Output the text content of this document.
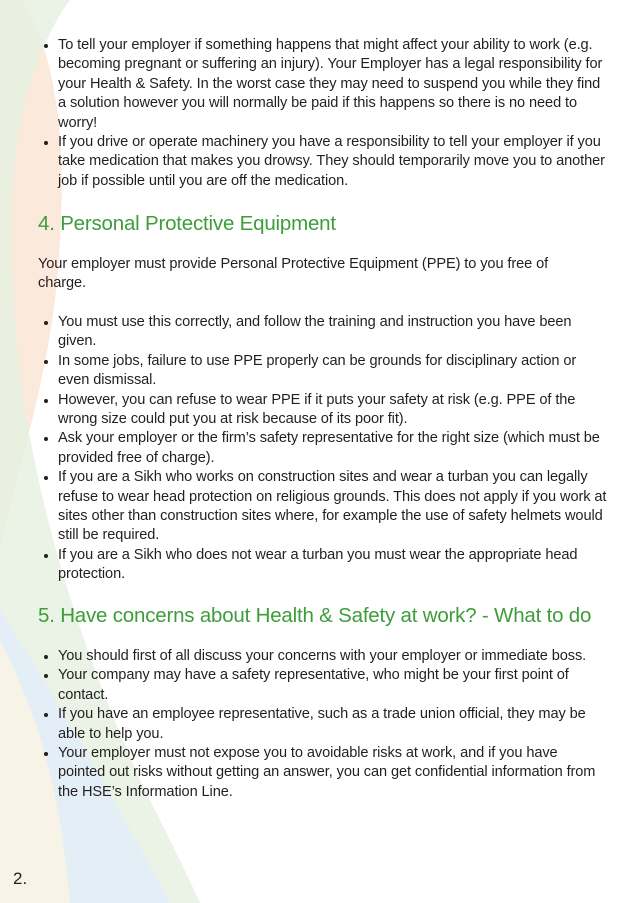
To tell your employer if something happens that might affect your ability to work (e.g. becoming pregnant or suffering an injury). Your Employer has a legal responsibility for your Health & Safety. In the worst case they may need to suspend you while they find a solution however you will normally be paid if this happens so there is no need to worry!
If you drive or operate machinery you have a responsibility to tell your employer if you take medication that makes you drowsy. They should temporarily move you to another job if possible until you are off the medication.
4. Personal Protective Equipment

Your employer must provide Personal Protective Equipment (PPE) to you free of charge.

You must use this correctly, and follow the training and instruction you have been given.
In some jobs, failure to use PPE properly can be grounds for disciplinary action or even dismissal.
However, you can refuse to wear PPE if it puts your safety at risk (e.g. PPE of the wrong size could put you at risk because of its poor fit).
Ask your employer or the firm’s safety representative for the right size (which must be provided free of charge).
If you are a Sikh who works on construction sites and wear a turban you can legally refuse to wear head protection on religious grounds. This does not apply if you work at sites other than construction sites where, for example the use of safety helmets would still be required.
If you are a Sikh who does not wear a turban you must wear the appropriate head protection.
5. Have concerns about Health & Safety at work? - What to do
You should first of all discuss your concerns with your employer or immediate boss.
Your company may have a safety representative, who might be your first point of contact.
If you have an employee representative, such as a trade union official, they may be able to help you.
Your employer must not expose you to avoidable risks at work, and if you have pointed out risks without getting an answer, you can get confidential information from the HSE’s Information Line.
2.
